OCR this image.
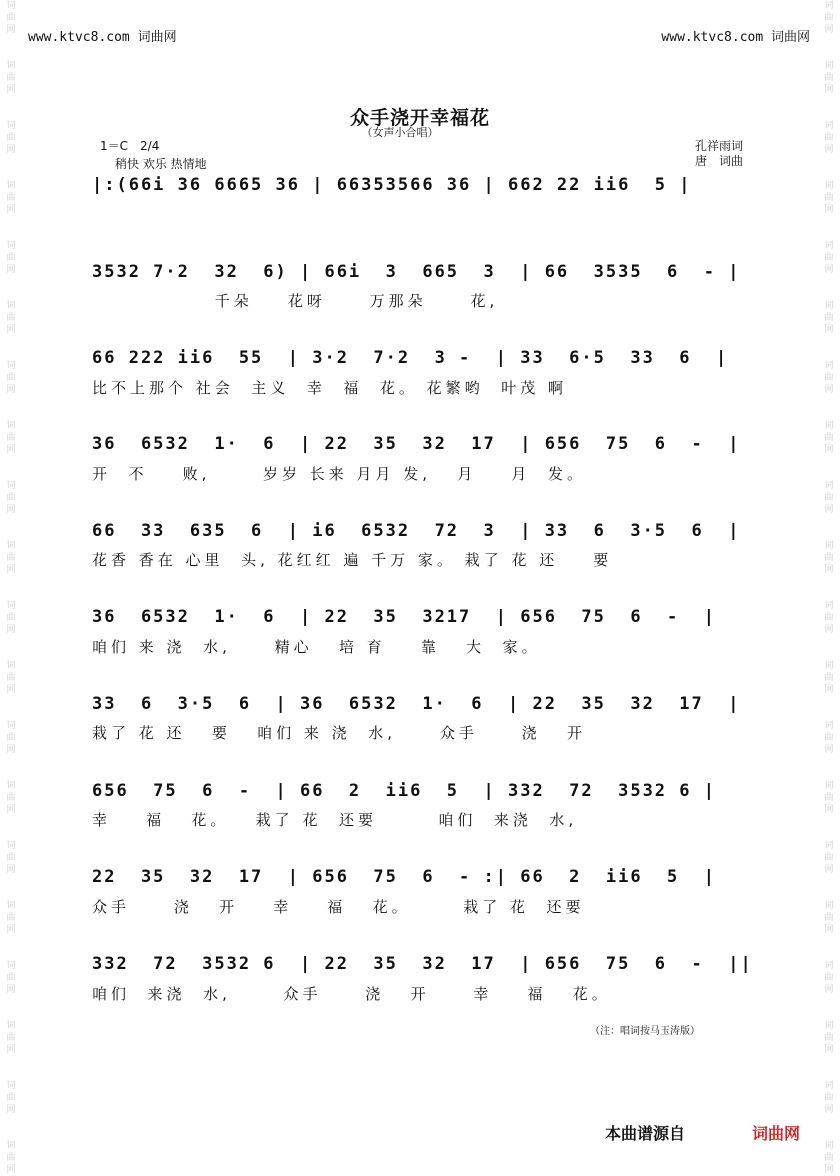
词
曲
网
词
曲
网
词
曲
网
词
曲
网
词
曲
网
词
曲
网
词
曲
网
词
曲
网
词
曲
网
词
曲
网
词
曲
网
词
曲
网
词
曲
网
词
曲
网
词
曲
网
词
曲
网
词
曲
网
词
曲
网
词
曲
网
词
曲
网
词
曲
网
词
曲
网
词
曲
网
词
曲
网
词
曲
网
词
曲
网
词
曲
网
词
曲
网
词
曲
网
词
曲
网
词
曲
网
词
曲
网
词
曲
网
词
曲
网
词
曲
网
词
曲
网
词
曲
网
词
曲
网
词
曲
网
词
曲
网
www.ktvc8.com 词曲网	www.ktvc8.com 词曲网
众手浇开幸福花
（女声小合唱）
1＝C　2/4
稍快 欢乐 热情地
孔祥雨词
唐　词曲
|:(66i 36 6665 36 | 66353566 36 | 662 22 ii6  5 |
3532 7·2  32  6) | 66i  3  665  3  | 66  3535  6  - |
千朵    花呀     万那朵     花,
66 222 ii6  55  | 3·2  7·2  3 -  | 33  6·5  33  6  |
比不上那个 社会  主义  幸  福  花。 花繁哟  叶茂 啊
36  6532  1·  6  | 22  35  32  17  | 656  75  6  -  |
开  不    败,      岁岁 长来 月月 发,   月    月  发。
66  33  635  6  | i6  6532  72  3  | 33  6  3·5  6  |
花香 香在 心里  头, 花红红 遍 千万 家。 栽了 花 还    要
36  6532  1·  6  | 22  35  3217  | 656  75  6  -  |
咱们 来 浇  水,     精心   培 育    靠   大  家。
33  6  3·5  6  | 36  6532  1·  6  | 22  35  32  17  |
栽了 花 还   要   咱们 来 浇  水,     众手     浇   开
656  75  6  -  | 66  2  ii6  5  | 332  72  3532 6 |
幸    福   花。   栽了 花  还要       咱们  来浇  水,
22  35  32  17  | 656  75  6  - :| 66  2  ii6  5  |
众手     浇   开    幸    福   花。      栽了 花  还要
332  72  3532 6  | 22  35  32  17  | 656  75  6  -  ||
咱们  来浇  水,      众手     浇   开     幸    福   花。
（注：唱词按马玉涛版）
本曲谱源自	词曲网
